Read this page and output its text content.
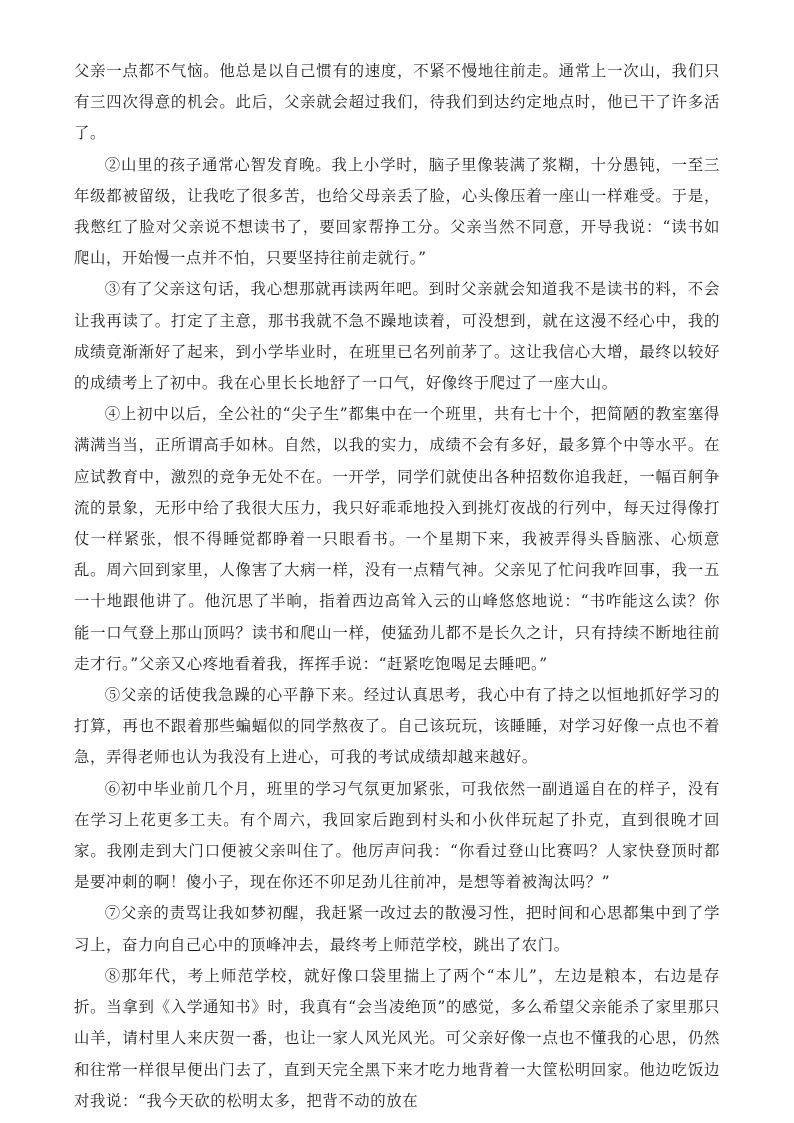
父亲一点都不气恼。他总是以自己惯有的速度，不紧不慢地往前走。通常上一次山，我们只有三四次得意的机会。此后，父亲就会超过我们，待我们到达约定地点时，他已干了许多活了。

②山里的孩子通常心智发育晚。我上小学时，脑子里像装满了浆糊，十分愚钝，一至三年级都被留级，让我吃了很多苦，也给父母亲丢了脸，心头像压着一座山一样难受。于是，我憋红了脸对父亲说不想读书了，要回家帮挣工分。父亲当然不同意，开导我说：“读书如爬山，开始慢一点并不怕，只要坚持往前走就行。”

③有了父亲这句话，我心想那就再读两年吧。到时父亲就会知道我不是读书的料，不会让我再读了。打定了主意，那书我就不急不躁地读着，可没想到，就在这漫不经心中，我的成绩竟渐渐好了起来，到小学毕业时，在班里已名列前茅了。这让我信心大增，最终以较好的成绩考上了初中。我在心里长长地舒了一口气，好像终于爬过了一座大山。

④上初中以后，全公社的“尖子生”都集中在一个班里，共有七十个，把简陋的教室塞得满满当当，正所谓高手如林。自然，以我的实力，成绩不会有多好，最多算个中等水平。在应试教育中，激烈的竞争无处不在。一开学，同学们就使出各种招数你追我赶，一幅百舸争流的景象，无形中给了我很大压力，我只好乖乖地投入到挑灯夜战的行列中，每天过得像打仗一样紧张，恨不得睡觉都睁着一只眼看书。一个星期下来，我被弄得头昏脑涨、心烦意乱。周六回到家里，人像害了大病一样，没有一点精气神。父亲见了忙问我咋回事，我一五一十地跟他讲了。他沉思了半晌，指着西边高耸入云的山峰悠悠地说：“书咋能这么读？你能一口气登上那山顶吗？读书和爬山一样，使猛劲儿都不是长久之计，只有持续不断地往前走才行。”父亲又心疼地看着我，挥挥手说：“赶紧吃饱喝足去睡吧。”

⑤父亲的话使我急躁的心平静下来。经过认真思考，我心中有了持之以恒地抓好学习的打算，再也不跟着那些蝙蝠似的同学熬夜了。自己该玩玩，该睡睡，对学习好像一点也不着急，弄得老师也认为我没有上进心，可我的考试成绩却越来越好。

⑥初中毕业前几个月，班里的学习气氛更加紧张，可我依然一副逍遥自在的样子，没有在学习上花更多工夫。有个周六，我回家后跑到村头和小伙伴玩起了扑克，直到很晚才回家。我刚走到大门口便被父亲叫住了。他厉声问我：“你看过登山比赛吗？人家快登顶时都是要冲刺的啊！傻小子，现在你还不卯足劲儿往前冲，是想等着被淘汰吗？”

⑦父亲的责骂让我如梦初醒，我赶紧一改过去的散漫习性，把时间和心思都集中到了学习上，奋力向自己心中的顶峰冲去，最终考上师范学校，跳出了农门。

⑧那年代，考上师范学校，就好像口袋里揣上了两个“本儿”，左边是粮本，右边是存折。当拿到《入学通知书》时，我真有“会当凌绝顶”的感觉，多么希望父亲能杀了家里那只山羊，请村里人来庆贺一番，也让一家人风光风光。可父亲好像一点也不懂我的心思，仍然和往常一样很早便出门去了，直到天完全黑下来才吃力地背着一大筐松明回家。他边吃饭边对我说：“我今天砍的松明太多，把背不动的放在
